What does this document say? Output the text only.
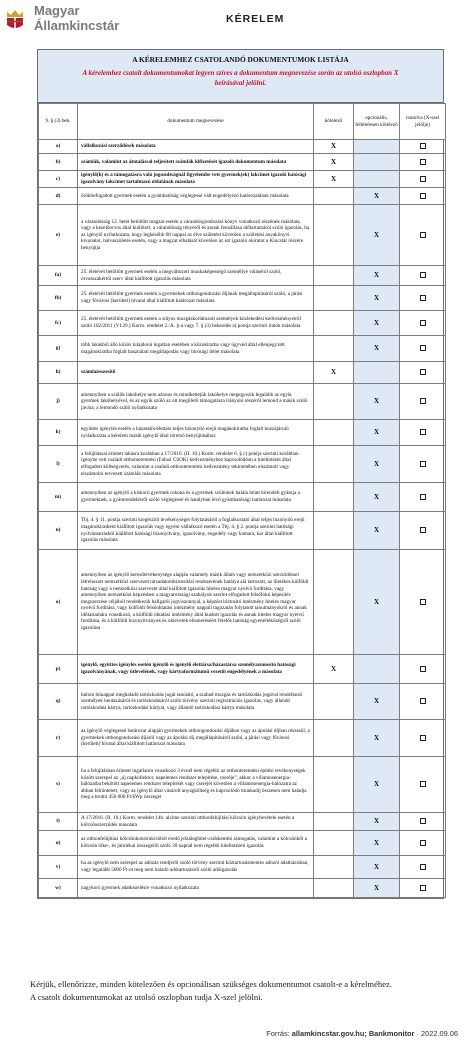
Magyar
Államkincstár	KÉRELEM
A KÉRELEMHEZ CSATOLANDÓ DOKUMENTUMOK LISTÁJA
A kérelemhez csatolt dokumentumokat legyen szíves a dokumentum megnevezése során az utolsó oszlopban X beírásával jelölni.
9. § (3) bek.	dokumentum megnevezése	kötelező	opcionális, feltételesen kötelező	csatolva (X-szel jelölje)
a)	vállalkozási szerződések másolata	X		
b)	számlák, valamint az átutalással teljesített számlák kifizetését igazoló dokumentum másolata	X		
c)	igénylő(k) és a támogatásra való jogosultságnál figyelembe vett gyermek(ek) lakcímet igazoló hatósági igazolvány lakcímet tartalmazó oldalának másolata	X		
d)	örökbefogadott gyermek esetén a gyámhatóság véglegessé vált engedélyező határozatának másolata		X	
e)	a várandósság 12. hetét betöltött magzat esetén a várandósgondozási könyv vonatkozó részének másolata, vagy a kezelőorvos által kiállított, a várandósság tényéről és annak fennállása időtartamáról szóló igazolás, ha az igénylő nyilatkozata, hogy legkésőbb 60 nappal az élve születést követően a születési anyakönyvi kivonatot, halvaszületés esetén, vagy a magzat elhalását követően az ezt igazoló okiratot a Kincstár részére benyújtja		X	
fa)	25. életévét betöltött gyermek esetén a megváltozott munkaképességű személlyé váláséról szóló, orvosszakértői szerv által kiállított igazolás másolata		X	
fb)	25. életévét betöltött gyermek esetén a gyermekek otthongondozási díjának megállapításáról szóló, a járási vagy fővárosi (kerületi) hivatal által kiállított határozat másolata		X	
fc)	25. életévét betöltött gyermek esetén a súlyos mozgáskorlátozott személyek közlekedési kedvezményeiről szóló 102/2011 (VI.29.) Korm. rendelet 2./A. §-a vagy 7. § (3) bekezdés a) pontja szerinti iratok másolata		X	
g)	több lakásból álló közös tulajdonú ingatlan esetében a közokiratba vagy ügyvéd által ellenjegyzett magánokiratba foglalt használati megállapodás vagy bírósági ítélet másolata		X	
h)	számlaösszesítő	X		
j)	amennyiben a szülők lakóhelye nem azonos és mindkettejük lakóhelye megegyezik legalább az egyik gyermek lakóhelyével, és az egyik szülő az ott megillető támogatásra irányuló részéről lemond a másik szülő javára, a lemondó szülő nyilatkozata		X	
k)	együttes igénylés esetén a házastárs/élettárs teljes bizonyító erejű magánokiratba foglalt hozzájáruló nyilatkozata a kérelem másik igénylő által történő benyújtásához		X	
l)	a felújítással érintett lakásra korábban a 17/2016. (II. 10.) Korm. rendelet 6. § c) pontja szerinti korábban igénybe vett családi otthonteremtési (Falusi CSOK) kedvezményhez kapcsolódóan a hitelintézet által elfogadott költségvetés, valamint a családi otthonteremtési kedvezmény tekintetében elszámolt vagy elszámolni tervezett számlák másolata		X	
m)	amennyiben az igénylő a kiskorú gyermek rokona és a gyermek szüleinek halála miatt kirendelt gyámja a gyermeknek, a gyámrendelésről szóló véglegessé és hatályban lévő gyámhatósági határozat másolata		X	
n)	Tbj. 4. § 11. pontja szerinti kiegészítő tevékenységet folytatásáról a foglalkoztató által teljes bizonyító erejű magánokiratként kiállított igazolás vagy egyéni vállalkozó esetén a Tbj. 4. § 2. pontja szerinti hatósági nyilvántartásból kiállított hatósági bizonyítvány, igazolvány, engedély vagy kamara, kar által kiállított igazolás másolata		X	
o)	amennyiben az igénylő keresőtevékenysége alapján valamely másik állam vagy nemzetközi szerződéssel létrehozott nemzetközi szervezet társadalombiztosítási rendszerének hatálya alá tartozott, az illetékes külföldi hatóság vagy a nemzetközi szervezet által kiállított igazolás hiteles magyar nyelvű fordítása, vagy amennyiben nemzetközi képzésben a magyarországi szabályok szerint elfogadott felsőfokú képesítés megszerzése céljából rendelkezik hallgatói jogviszonnyal, a képzést biztosító intézmény hiteles magyar nyelvű fordítása, vagy külföldi felsőoktatási intézmény nappali tagozatán folytatott tanulmányokról és annak időtartamára vonatkozó, a külföldi oktatási intézmény által kiadott igazolás és annak hiteles magyar nyelvű fordítása, és a külföldi bizonyítványok és oklevelek elismeréséért felelős hatóság egyenértékűségről szóló igazolása		X	
p)	igénylő, együttes igénylés esetén igénylő és igénylő élettársa/házastársa személyazonosító hatósági igazolványának, vagy útlevelének, vagy kártyaformátumú vezetői engedélyének a másolata	X		
q)	három hónappal meghaladó tartózkodás jogát tanúsító, a szabad mozgás és tartózkodás jogával rendelkező személyek beutazásáról és tartózkodásáról szóló törvény szerinti regisztrációs igazolás, vagy állandó tartózkodási kártya, tartózkodási kártyát, vagy állandó tartózkodási kártya másolata		X	
r)	az igénylő véglegessé határozat alapján gyermekek otthongondozási díjában vagy az ápolási díjban részesül, a gyermekek otthongondozási díjáról vagy az ápolási díj megállapításáról szóló, a járási vagy fővárosi (kerületi) hivatal által kiállított határozat másolata		X	
s)	ha a felújításban érintett ingatlanra vonatkozó 3 évnél nem régebbi az otthonteremtési építési tevékenységek között szerepel az „új napkollektor, napelemes rendszer telepítése, cseréje”, akkor a villamosenergia-hálózatba bekötött napelemes rendszer telepítését vagy cseréjét követően a villamosenergia-hálózatra az abban feltüntetett, vagy az igénylő által vásárolt anyagköltség és kapcsolódó munkadíj összesen nem haladja meg a bruttó 450 000 Ft/kWp összeget		X	
t)	A 17/2016. (II. 10.) Korm. rendelet 14b. alcíme szerinti otthonfelújítási kölcsön igénybevétele esetén a kölcsönszerződés másolata		X	
u)	az otthonfelújítási kölcsönkonstrukcióból eredő jelzáloghitel-csökkentési támogatás, valamint a kölcsönből a kölcsön tőke-, és járulékai összegéről szóló 30 napnál nem régebbi hitelintézeti igazolás		X	
v)	ha az igénylő nem szerepel az adózás rendjéről szóló törvény szerinti köztartozásmentes adózói adatbázisban, vagy legalább 5000 Ft-ot meg nem haladó adótartozásról szóló adóigazolás		X	
w)	nagykorú gyermek adatkezelésre vonatkozó nyilatkozata		X	
Kérjük, ellenőrizze, minden kötelezően és opcionálisan szükséges dokumentumot csatolt-e a kérelméhez.
A csatolt dokumentumokat az utolsó oszlopban tudja X-szel jelölni.
Forrás: allamkincstar.gov.hu; Bankmonitor · 2022.09.06
